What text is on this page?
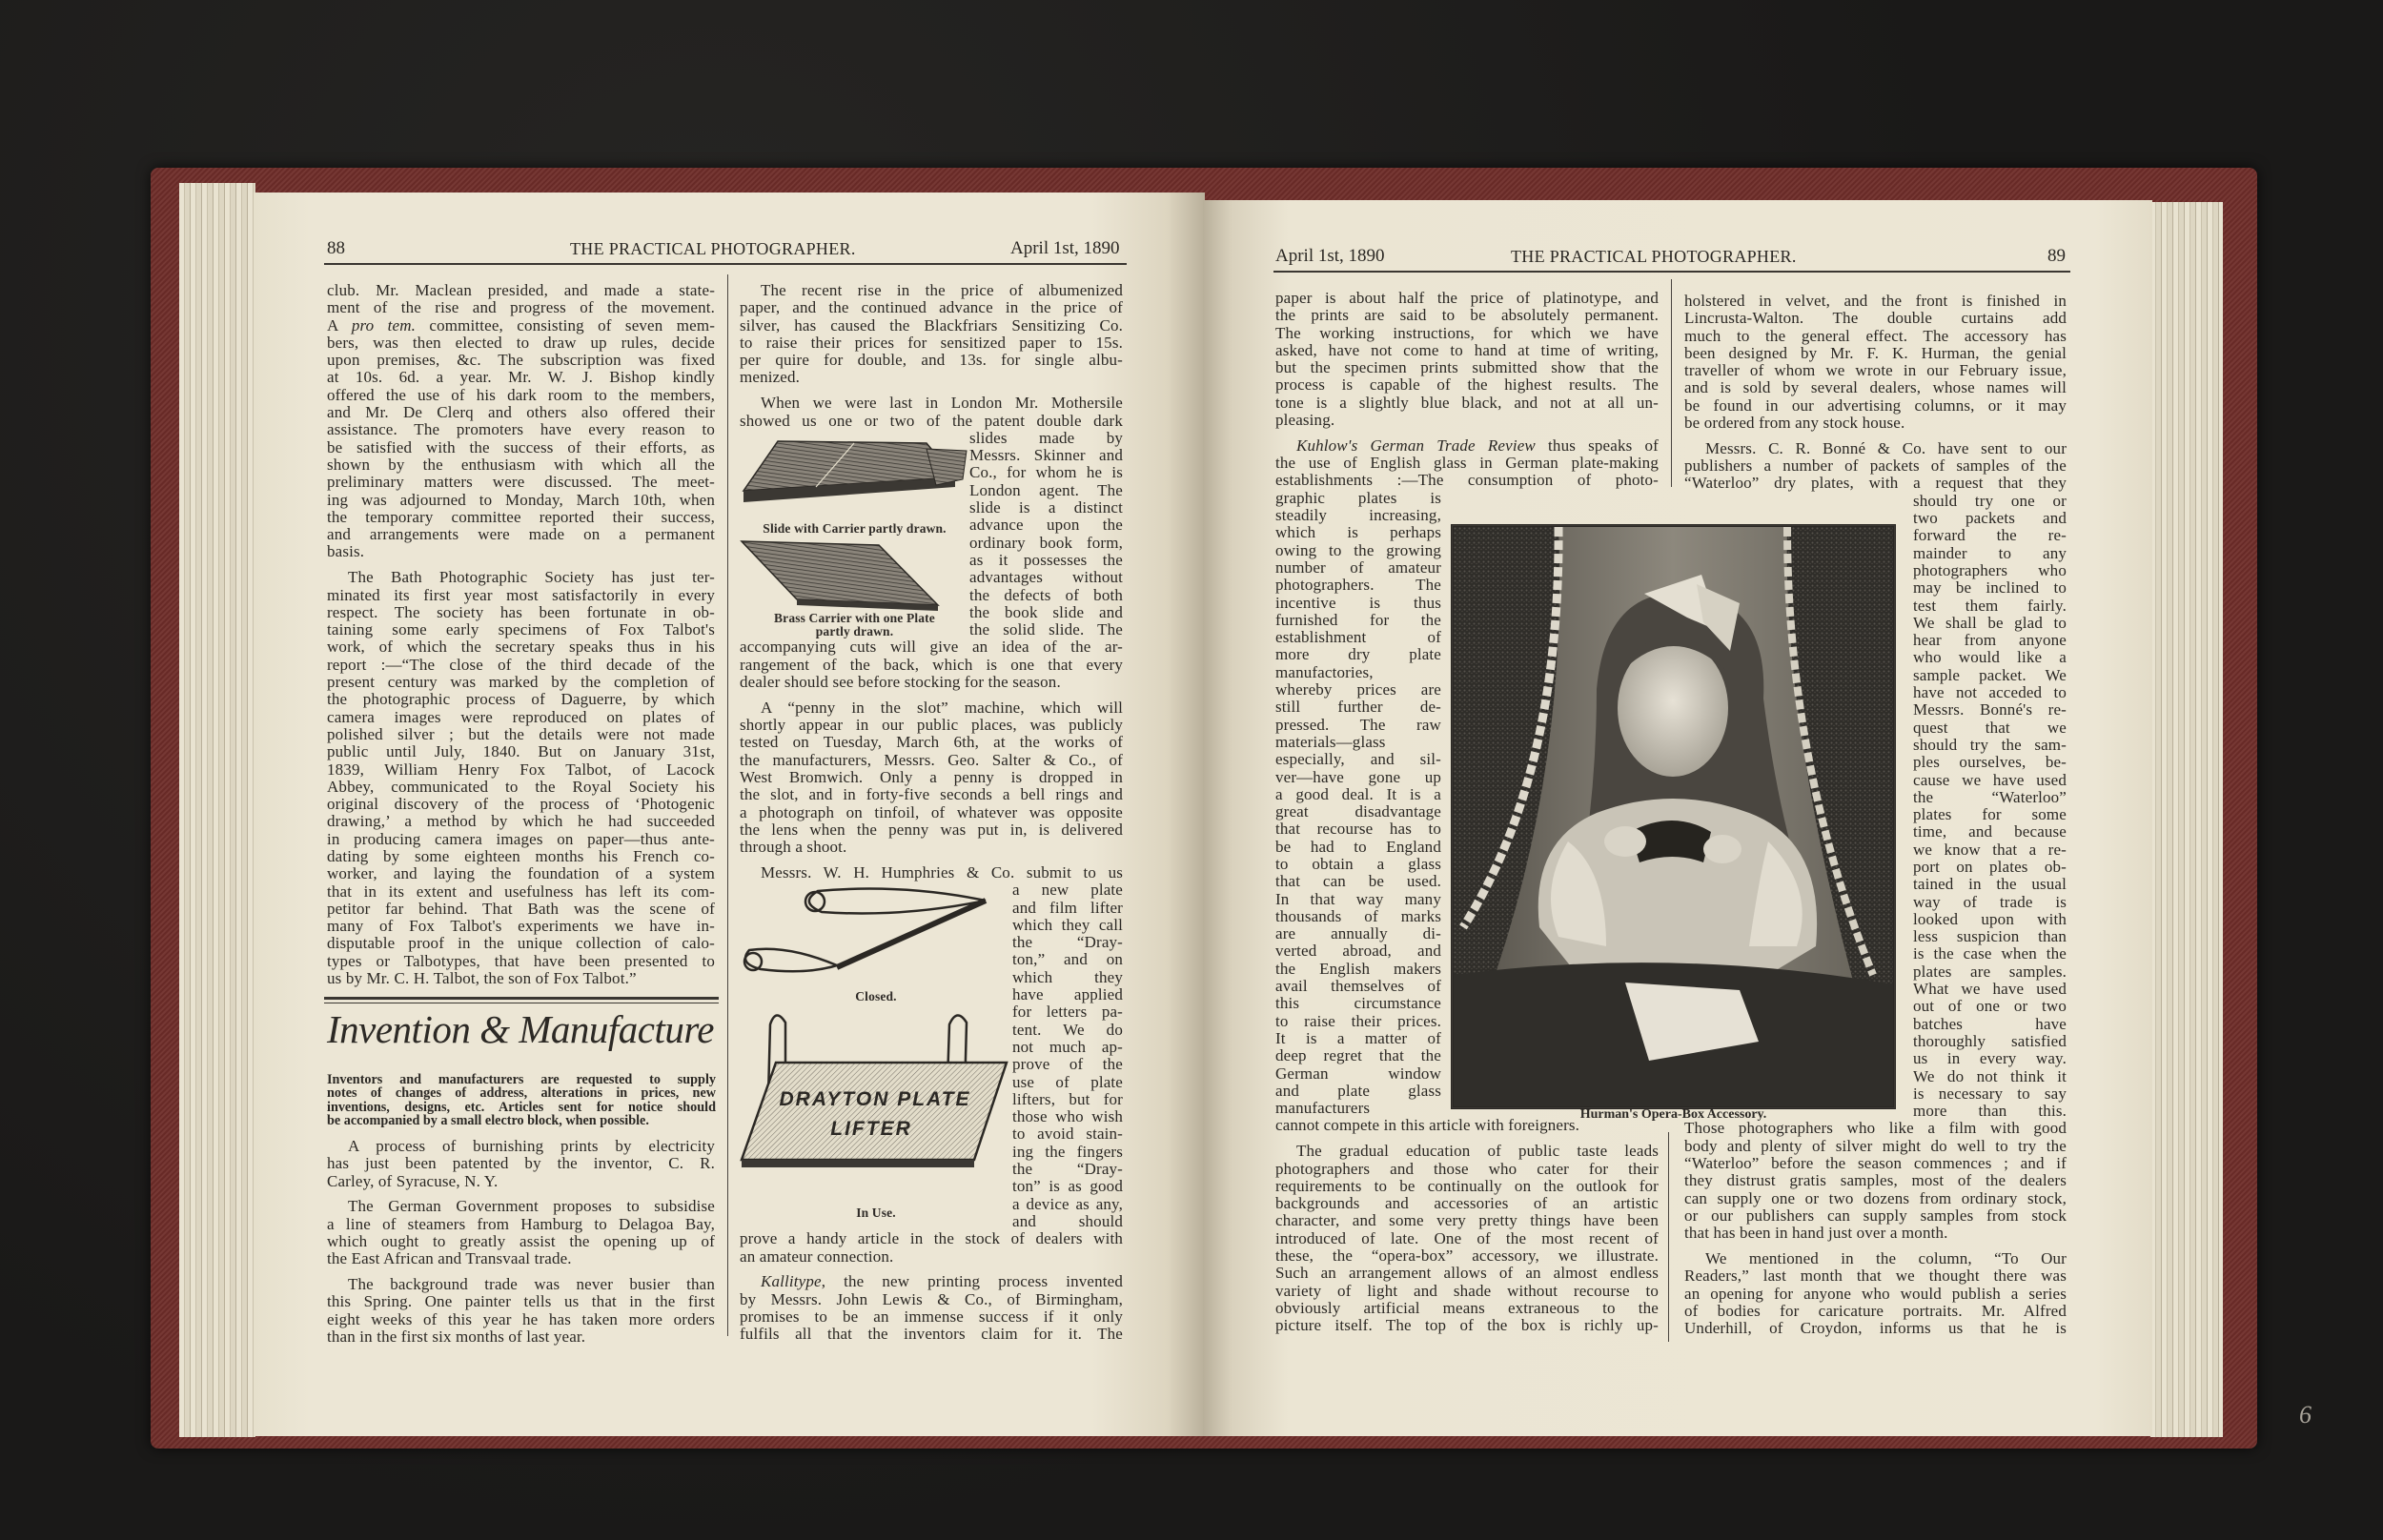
88	THE PRACTICAL PHOTOGRAPHER.	April 1st, 1890
club. Mr. Maclean presided, and made a state-
ment of the rise and progress of the movement.
A pro tem. committee, consisting of seven mem-
bers, was then elected to draw up rules, decide
upon premises, &c. The subscription was fixed
at 10s. 6d. a year. Mr. W. J. Bishop kindly
offered the use of his dark room to the members,
and Mr. De Clerq and others also offered their
assistance. The promoters have every reason to
be satisfied with the success of their efforts, as
shown by the enthusiasm with which all the
preliminary matters were discussed. The meet-
ing was adjourned to Monday, March 10th, when
the temporary committee reported their success,
and arrangements were made on a permanent
basis.
The Bath Photographic Society has just ter-
minated its first year most satisfactorily in every
respect. The society has been fortunate in ob-
taining some early specimens of Fox Talbot's
work, of which the secretary speaks thus in his
report :—“The close of the third decade of the
present century was marked by the completion of
the photographic process of Daguerre, by which
camera images were reproduced on plates of
polished silver ; but the details were not made
public until July, 1840. But on January 31st,
1839, William Henry Fox Talbot, of Lacock
Abbey, communicated to the Royal Society his
original discovery of the process of ‘Photogenic
drawing,’ a method by which he had succeeded
in producing camera images on paper—thus ante-
dating by some eighteen months his French co-
worker, and laying the foundation of a system
that in its extent and usefulness has left its com-
petitor far behind. That Bath was the scene of
many of Fox Talbot's experiments we have in-
disputable proof in the unique collection of calo-
types or Talbotypes, that have been presented to
us by Mr. C. H. Talbot, the son of Fox Talbot.”
Invention & Manufacture
Inventors and manufacturers are requested to supply
notes of changes of address, alterations in prices, new
inventions, designs, etc. Articles sent for notice should
be accompanied by a small electro block, when possible.
A process of burnishing prints by electricity
has just been patented by the inventor, C. R.
Carley, of Syracuse, N. Y.
The German Government proposes to subsidise
a line of steamers from Hamburg to Delagoa Bay,
which ought to greatly assist the opening up of
the East African and Transvaal trade.
The background trade was never busier than
this Spring. One painter tells us that in the first
eight weeks of this year he has taken more orders
than in the first six months of last year.
The recent rise in the price of albumenized
paper, and the continued advance in the price of
silver, has caused the Blackfriars Sensitizing Co.
to raise their prices for sensitized paper to 15s.
per quire for double, and 13s. for single albu-
menized.
When we were last in London Mr. Mothersile
showed us one or two of the patent double dark
Slide with Carrier partly drawn.
Brass Carrier with one Plate
partly drawn.
slides made by
Messrs. Skinner and
Co., for whom he is
London agent. The
slide is a distinct
advance upon the
ordinary book form,
as it possesses the
advantages without
the defects of both
the book slide and
the solid slide. The
accompanying cuts will give an idea of the ar-
rangement of the back, which is one that every
dealer should see before stocking for the season.
A “penny in the slot” machine, which will
shortly appear in our public places, was publicly
tested on Tuesday, March 6th, at the works of
the manufacturers, Messrs. Geo. Salter & Co., of
West Bromwich. Only a penny is dropped in
the slot, and in forty-five seconds a bell rings and
a photograph on tinfoil, of whatever was opposite
the lens when the penny was put in, is delivered
through a shoot.
Messrs. W. H. Humphries & Co. submit to us
DRAYTON PLATE
LIFTER
Closed.
In Use.
a new plate
and film lifter
which they call
the “Dray-
ton,” and on
which they
have applied
for letters pa-
tent. We do
not much ap-
prove of the
use of plate
lifters, but for
those who wish
to avoid stain-
ing the fingers
the “Dray-
ton” is as good
a device as any,
and should
prove a handy article in the stock of dealers with
an amateur connection.
Kallitype, the new printing process invented
by Messrs. John Lewis & Co., of Birmingham,
promises to be an immense success if it only
fulfils all that the inventors claim for it. The
April 1st, 1890	THE PRACTICAL PHOTOGRAPHER.	89
paper is about half the price of platinotype, and
the prints are said to be absolutely permanent.
The working instructions, for which we have
asked, have not come to hand at time of writing,
but the specimen prints submitted show that the
process is capable of the highest results. The
tone is a slightly blue black, and not at all un-
pleasing.
Kuhlow's German Trade Review thus speaks of
the use of English glass in German plate-making
establishments :—The consumption of photo-
graphic plates is
steadily increasing,
which is perhaps
owing to the growing
number of amateur
photographers. The
incentive is thus
furnished for the
establishment of
more dry plate
manufactories,
whereby prices are
still further de-
pressed. The raw
materials—glass
especially, and sil-
ver—have gone up
a good deal. It is a
great disadvantage
that recourse has to
be had to England
to obtain a glass
that can be used.
In that way many
thousands of marks
are annually di-
verted abroad, and
the English makers
avail themselves of
this circumstance
to raise their prices.
It is a matter of
deep regret that the
German window
and plate glass
manufacturers
cannot compete in this article with foreigners.
The gradual education of public taste leads
photographers and those who cater for their
requirements to be continually on the outlook for
backgrounds and accessories of an artistic
character, and some very pretty things have been
introduced of late. One of the most recent of
these, the “opera-box” accessory, we illustrate.
Such an arrangement allows of an almost endless
variety of light and shade without recourse to
obviously artificial means extraneous to the
picture itself. The top of the box is richly up-
holstered in velvet, and the front is finished in
Lincrusta-Walton. The double curtains add
much to the general effect. The accessory has
been designed by Mr. F. K. Hurman, the genial
traveller of whom we wrote in our February issue,
and is sold by several dealers, whose names will
be found in our advertising columns, or it may
be ordered from any stock house.
Messrs. C. R. Bonné & Co. have sent to our
publishers a number of packets of samples of the
“Waterloo” dry plates, with a request that they
should try one or
two packets and
forward the re-
mainder to any
photographers who
may be inclined to
test them fairly.
We shall be glad to
hear from anyone
who would like a
sample packet. We
have not acceded to
Messrs. Bonné's re-
quest that we
should try the sam-
ples ourselves, be-
cause we have used
the “Waterloo”
plates for some
time, and because
we know that a re-
port on plates ob-
tained in the usual
way of trade is
looked upon with
less suspicion than
is the case when the
plates are samples.
What we have used
out of one or two
batches have
thoroughly satisfied
us in every way.
We do not think it
is necessary to say
more than this.
Those photographers who like a film with good
body and plenty of silver might do well to try the
“Waterloo” before the season commences ; and if
they distrust gratis samples, most of the dealers
can supply one or two dozens from ordinary stock,
or our publishers can supply samples from stock
that has been in hand just over a month.
We mentioned in the column, “To Our
Readers,” last month that we thought there was
an opening for anyone who would publish a series
of bodies for caricature portraits. Mr. Alfred
Underhill, of Croydon, informs us that he is
Hurman's Opera-Box Accessory.
6
